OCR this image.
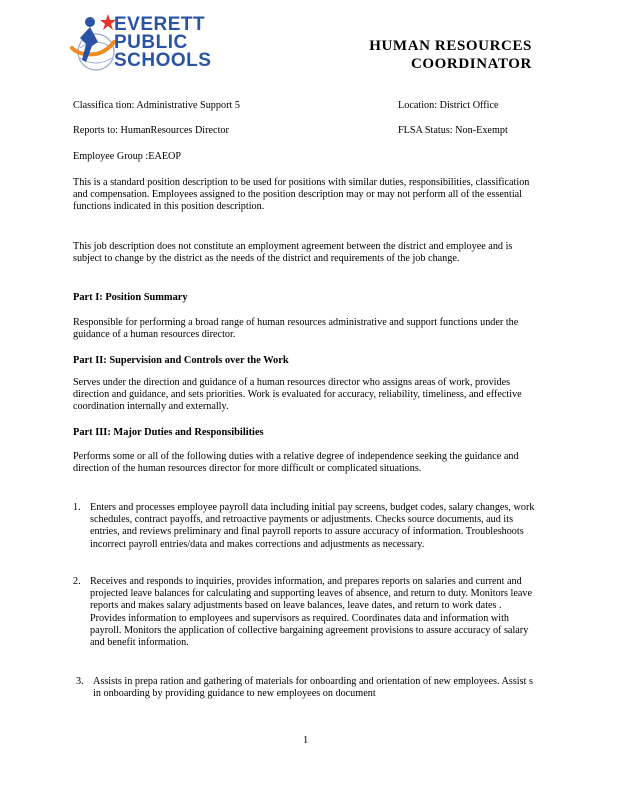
EVERETT
PUBLIC
SCHOOLS
HUMAN RESOURCES
COORDINATOR
Classifica tion: Administrative Support 5	Location: District Office
Reports to: HumanResources Director	FLSA Status: Non-Exempt
Employee Group :EAEOP

This is a standard position description to be used for positions with similar duties, responsibilities, classification and compensation. Employees assigned to the position description may or may not perform all of the essential functions indicated in this position description.

This job description does not constitute an employment agreement between the district and employee and is subject to change by the district as the needs of the district and requirements of the job change.

Part I: Position Summary

Responsible for performing a broad range of human resources administrative and support functions under the guidance of a human resources director.

Part II: Supervision and Controls over the Work

Serves under the direction and guidance of a human resources director who assigns areas of work, provides direction and guidance, and sets priorities. Work is evaluated for accuracy, reliability, timeliness, and effective coordination internally and externally.

Part III: Major Duties and Responsibilities

Performs some or all of the following duties with a relative degree of independence seeking the guidance and direction of the human resources director for more difficult or complicated situations.

1. Enters and processes employee payroll data including initial pay screens, budget codes, salary changes, work schedules, contract payoffs, and retroactive payments or adjustments. Checks source documents, aud its entries, and reviews preliminary and final payroll reports to assure accuracy of information. Troubleshoots incorrect payroll entries/data and makes corrections and adjustments as necessary.
2. Receives and responds to inquiries, provides information, and prepares reports on salaries and current and projected leave balances for calculating and supporting leaves of absence, and return to duty. Monitors leave reports and makes salary adjustments based on leave balances, leave dates, and return to work dates . Provides information to employees and supervisors as required. Coordinates data and information with payroll. Monitors the application of collective bargaining agreement provisions to assure accuracy of salary and benefit information.
3. Assists in prepa ration and gathering of materials for onboarding and orientation of new employees. Assist s in onboarding by providing guidance to new employees on document
1
